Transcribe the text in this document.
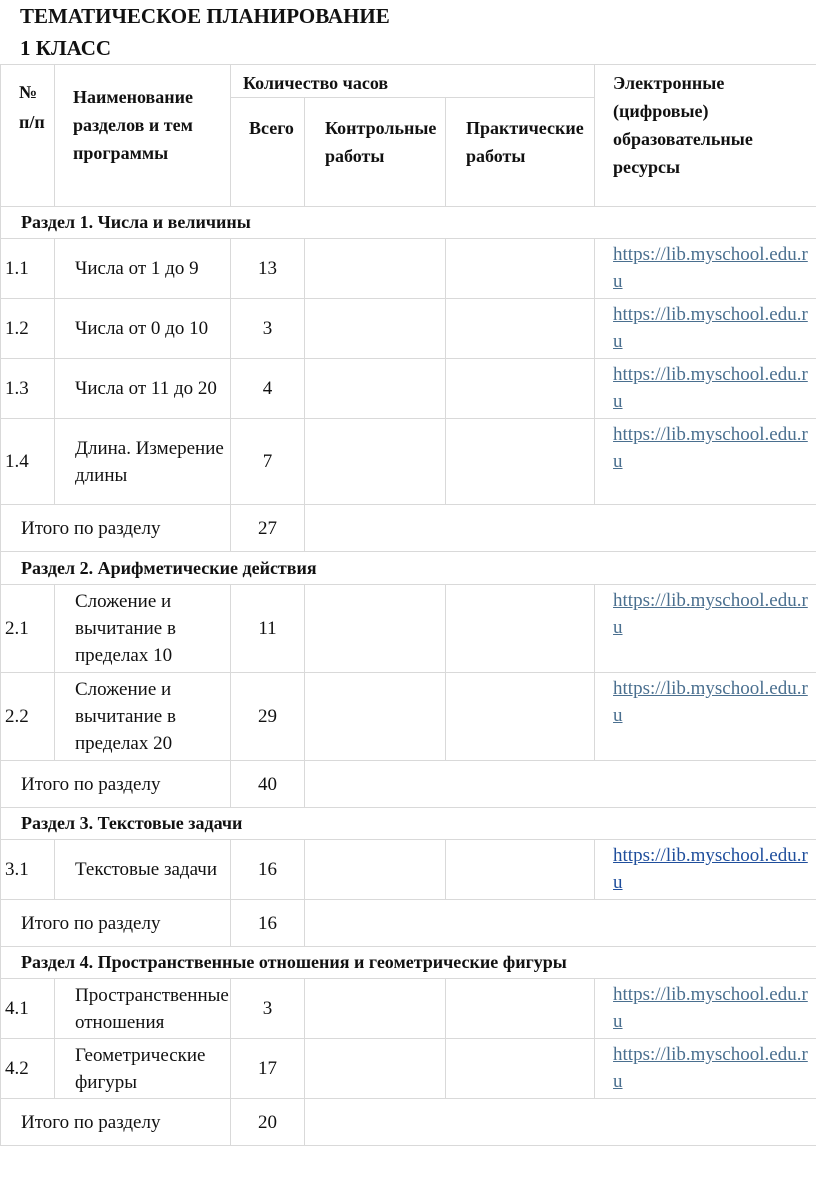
ТЕМАТИЧЕСКОЕ ПЛАНИРОВАНИЕ
1 КЛАСС
№ п/п	Наименование разделов и тем программы	Количество часов			Электронные (цифровые) образовательные ресурсы
		Всего	Контрольные работы	Практические работы	
Раздел 1. Числа и величины					
1.1	Числа от 1 до 9	13			https://lib.myschool.edu.ru
1.2	Числа от 0 до 10	3			https://lib.myschool.edu.ru
1.3	Числа от 11 до 20	4			https://lib.myschool.edu.ru
1.4	Длина. Измерение длины	7			https://lib.myschool.edu.ru
Итого по разделу		27			
Раздел 2. Арифметические действия					
2.1	Сложение и вычитание в пределах 10	11			https://lib.myschool.edu.ru
2.2	Сложение и вычитание в пределах 20	29			https://lib.myschool.edu.ru
Итого по разделу		40			
Раздел 3. Текстовые задачи					
3.1	Текстовые задачи	16			https://lib.myschool.edu.ru
Итого по разделу		16			
Раздел 4. Пространственные отношения и геометрические фигуры					
4.1	Пространственные отношения	3			https://lib.myschool.edu.ru
4.2	Геометрические фигуры	17			https://lib.myschool.edu.ru
Итого по разделу		20			
